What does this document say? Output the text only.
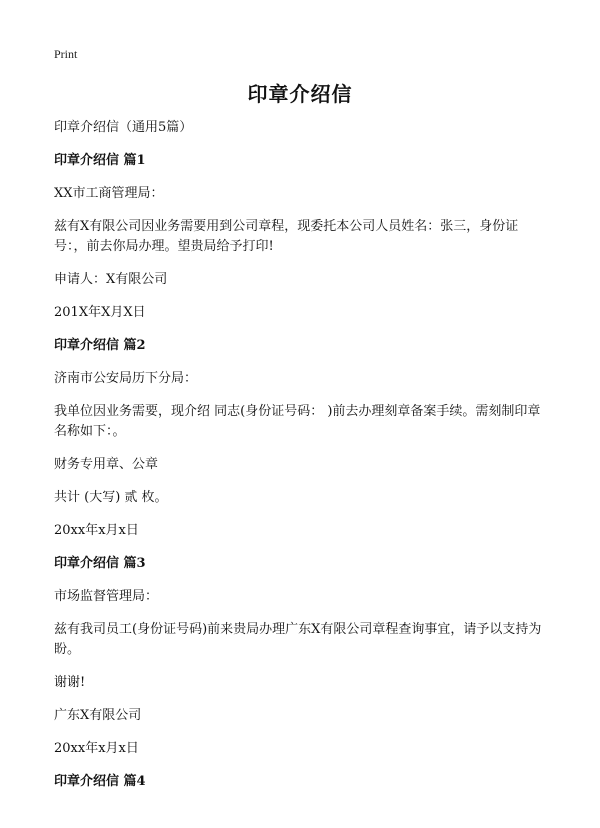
Print
印章介绍信

印章介绍信（通用5篇）

印章介绍信 篇1

XX市工商管理局：

兹有X有限公司因业务需要用到公司章程，现委托本公司人员姓名：张三，身份证号：，前去你局办理。望贵局给予打印!

申请人：X有限公司

201X年X月X日

印章介绍信 篇2

济南市公安局历下分局：

我单位因业务需要，现介绍 同志(身份证号码： )前去办理刻章备案手续。需刻制印章名称如下：。

财务专用章、公章

共计 (大写) 贰 枚。

20xx年x月x日

印章介绍信 篇3

市场监督管理局：

兹有我司员工(身份证号码)前来贵局办理广东X有限公司章程查询事宜，请予以支持为盼。

谢谢!

广东X有限公司

20xx年x月x日

印章介绍信 篇4
